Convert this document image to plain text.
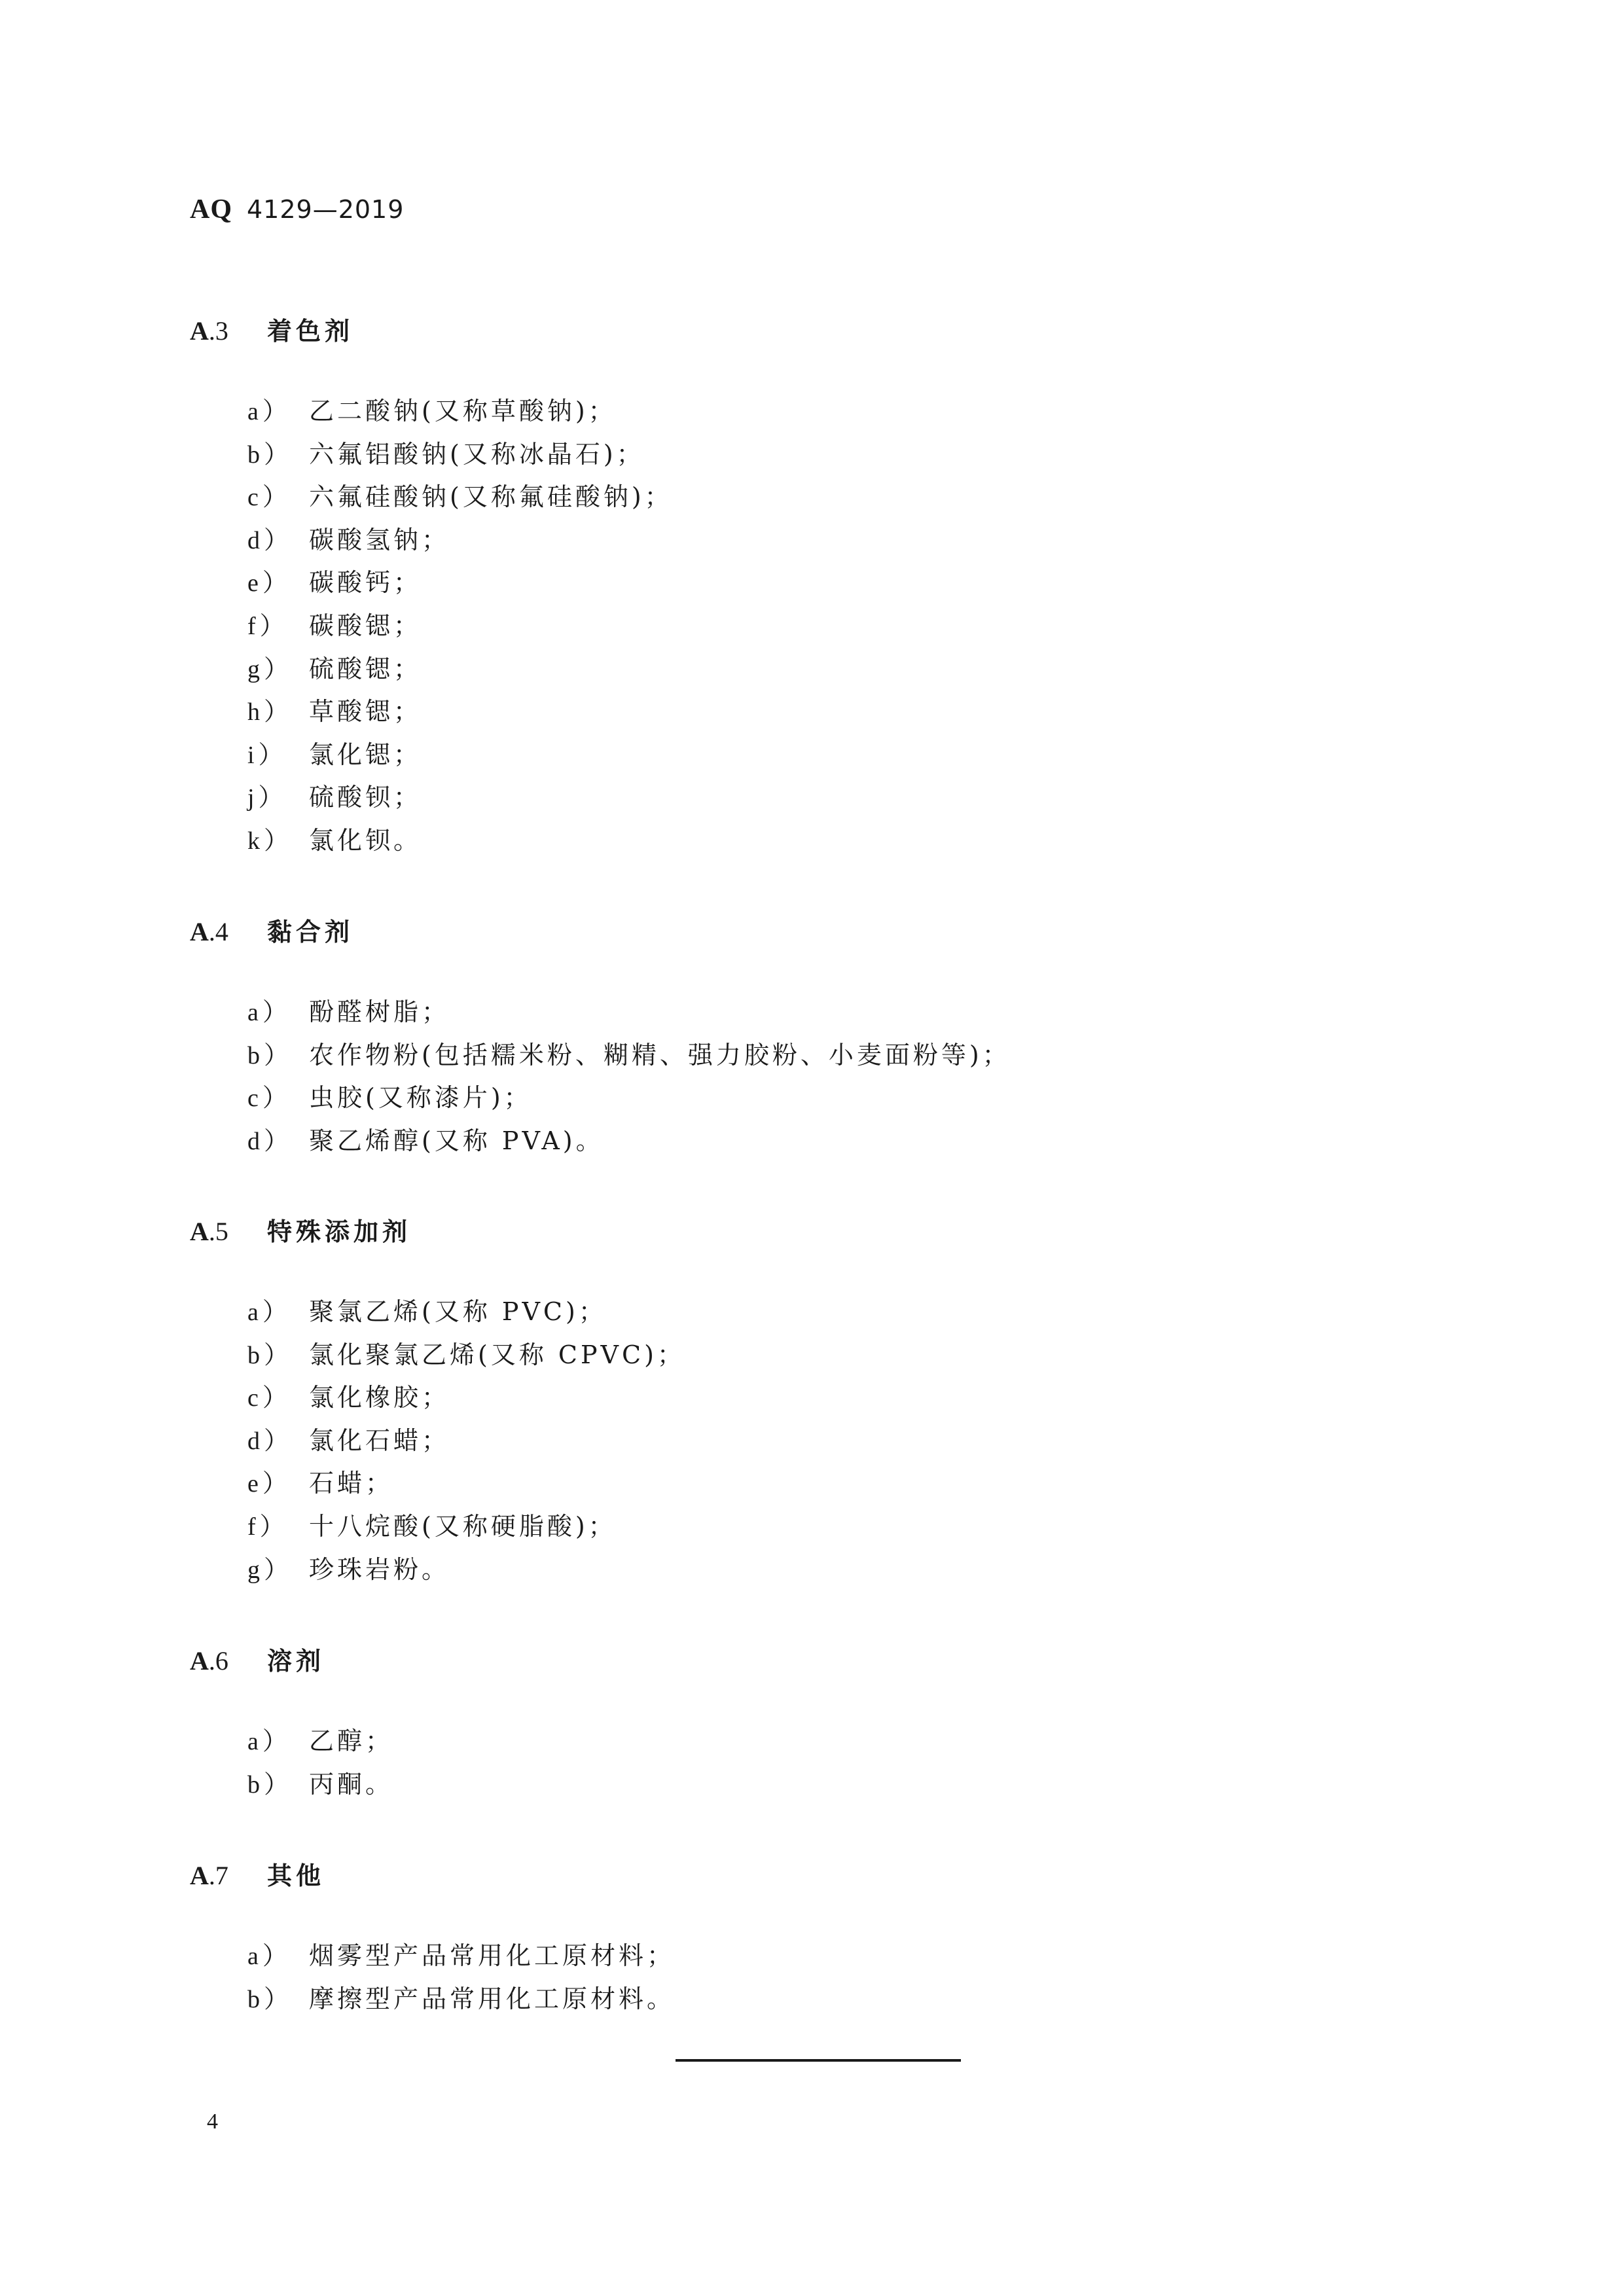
AQ 4129—2019
A.3 着色剂
a） 乙二酸钠(又称草酸钠)；
b） 六氟铝酸钠(又称冰晶石)；
c） 六氟硅酸钠(又称氟硅酸钠)；
d） 碳酸氢钠；
e） 碳酸钙；
f） 碳酸锶；
g） 硫酸锶；
h） 草酸锶；
i） 氯化锶；
j） 硫酸钡；
k） 氯化钡。
A.4 黏合剂
a） 酚醛树脂；
b） 农作物粉(包括糯米粉、糊精、强力胶粉、小麦面粉等)；
c） 虫胶(又称漆片)；
d） 聚乙烯醇(又称 PVA)。
A.5 特殊添加剂
a） 聚氯乙烯(又称 PVC)；
b） 氯化聚氯乙烯(又称 CPVC)；
c） 氯化橡胶；
d） 氯化石蜡；
e） 石蜡；
f） 十八烷酸(又称硬脂酸)；
g） 珍珠岩粉。
A.6 溶剂
a） 乙醇；
b） 丙酮。
A.7 其他
a） 烟雾型产品常用化工原材料；
b） 摩擦型产品常用化工原材料。
4
